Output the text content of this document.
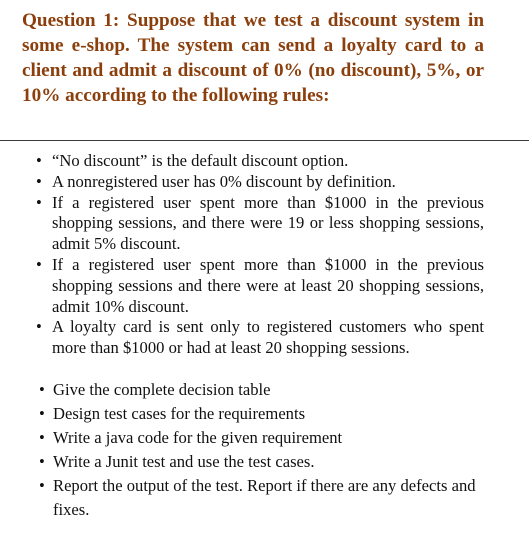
Question 1: Suppose that we test a discount system in some e-shop. The system can send a loyalty card to a client and admit a discount of 0% (no discount), 5%, or 10% according to the following rules:
• “No discount” is the default discount option.
• A nonregistered user has 0% discount by definition.
• If a registered user spent more than $1000 in the previous shopping sessions, and there were 19 or less shopping sessions, admit 5% discount.
• If a registered user spent more than $1000 in the previous shopping sessions and there were at least 20 shopping sessions, admit 10% discount.
• A loyalty card is sent only to registered customers who spent more than $1000 or had at least 20 shopping sessions.
• Give the complete decision table
• Design test cases for the requirements
• Write a java code for the given requirement
• Write a Junit test and use the test cases.
• Report the output of the test. Report if there are any defects and fixes.
